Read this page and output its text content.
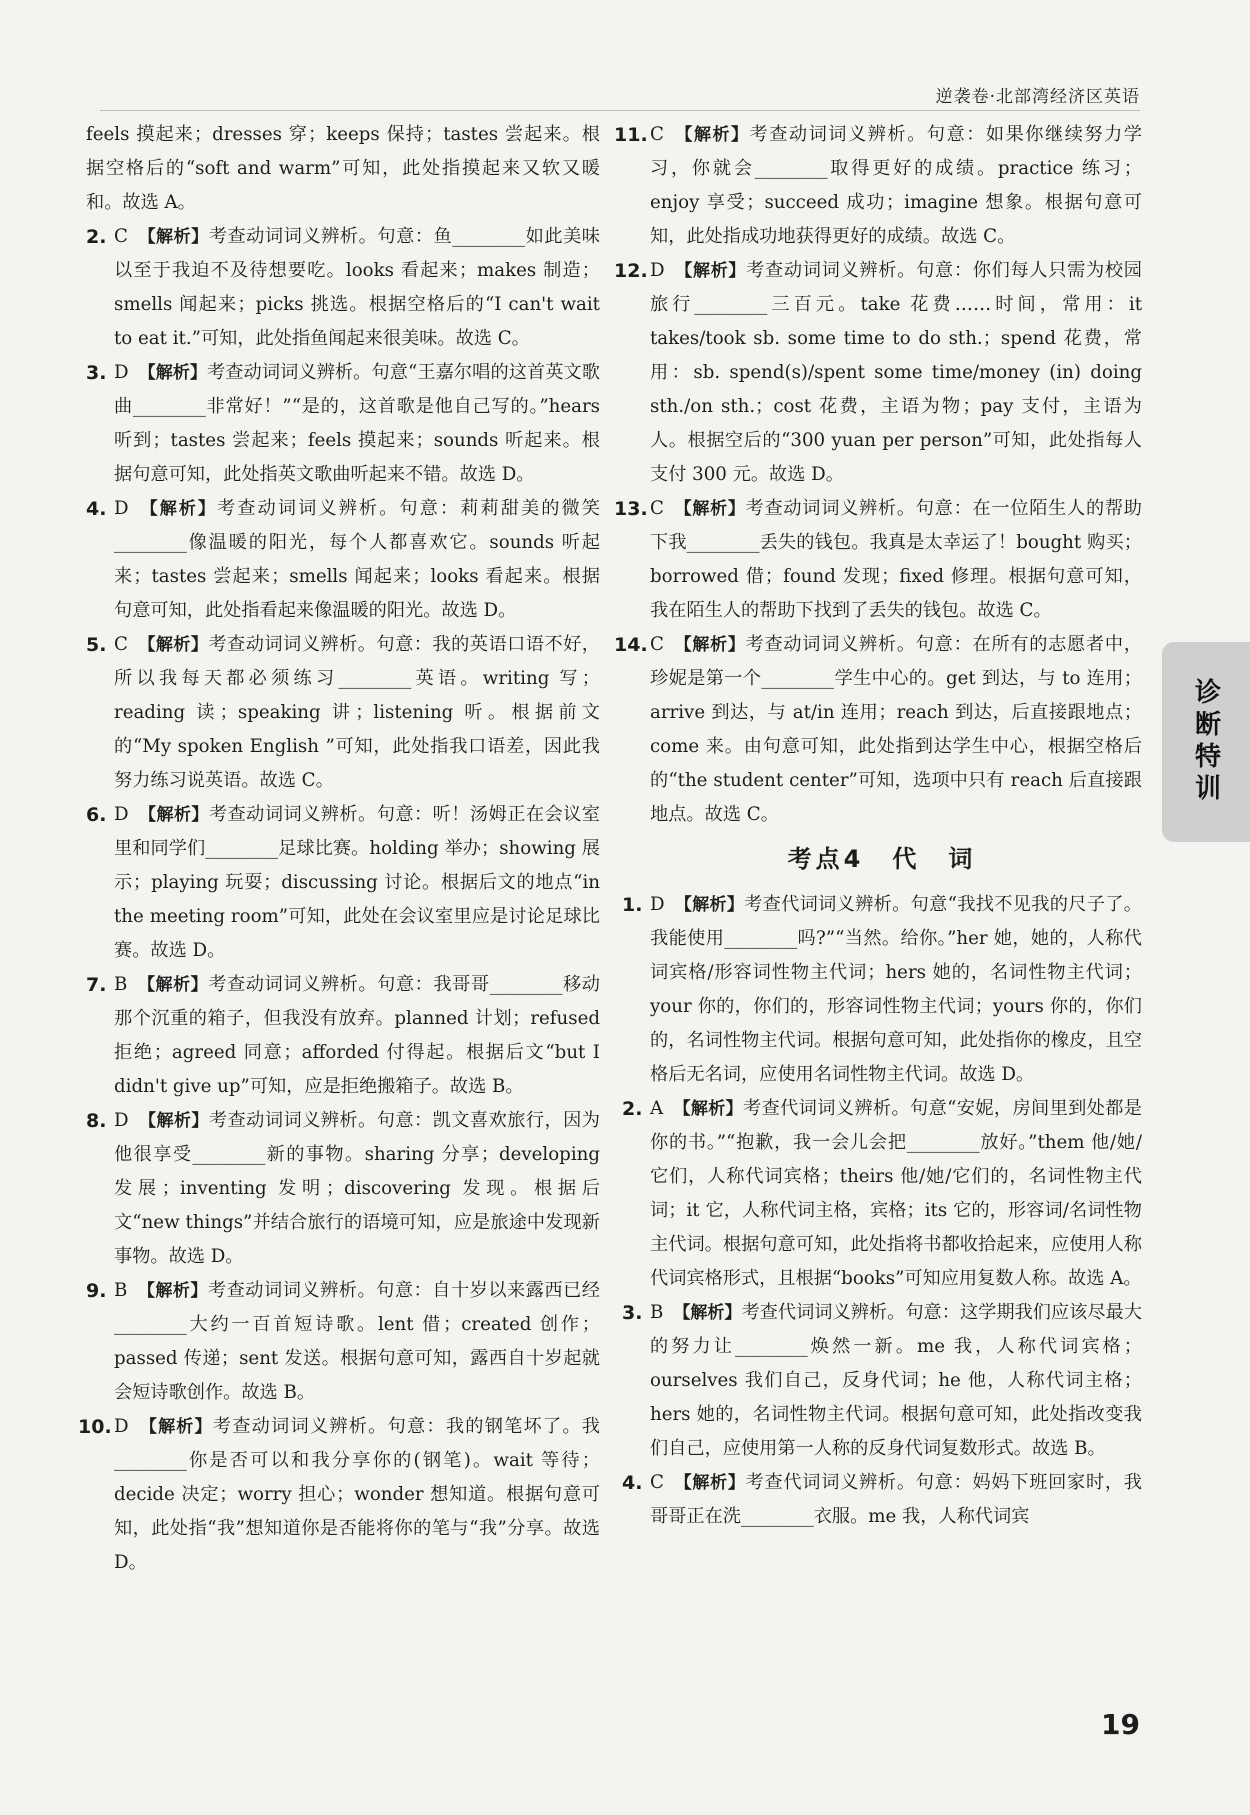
逆袭卷·北部湾经济区英语

feels 摸起来；dresses 穿；keeps 保持；tastes 尝起来。根据空格后的“soft and warm”可知，此处指摸起来又软又暖和。故选 A。

2. C 【解析】考查动词词义辨析。句意：鱼________如此美味以至于我迫不及待想要吃。looks 看起来；makes 制造；smells 闻起来；picks 挑选。根据空格后的“I can't wait to eat it.”可知，此处指鱼闻起来很美味。故选 C。

3. D 【解析】考查动词词义辨析。句意“王嘉尔唱的这首英文歌曲________非常好！”“是的，这首歌是他自己写的。”hears 听到；tastes 尝起来；feels 摸起来；sounds 听起来。根据句意可知，此处指英文歌曲听起来不错。故选 D。

4. D 【解析】考查动词词义辨析。句意：莉莉甜美的微笑________像温暖的阳光，每个人都喜欢它。sounds 听起来；tastes 尝起来；smells 闻起来；looks 看起来。根据句意可知，此处指看起来像温暖的阳光。故选 D。

5. C 【解析】考查动词词义辨析。句意：我的英语口语不好，所以我每天都必须练习________英语。writing 写；reading 读；speaking 讲；listening 听。根据前文的“My spoken English ”可知，此处指我口语差，因此我努力练习说英语。故选 C。

6. D 【解析】考查动词词义辨析。句意：听！汤姆正在会议室里和同学们________足球比赛。holding 举办；showing 展示；playing 玩耍；discussing 讨论。根据后文的地点“in the meeting room”可知，此处在会议室里应是讨论足球比赛。故选 D。

7. B 【解析】考查动词词义辨析。句意：我哥哥________移动那个沉重的箱子，但我没有放弃。planned 计划；refused 拒绝；agreed 同意；afforded 付得起。根据后文“but I didn't give up”可知，应是拒绝搬箱子。故选 B。

8. D 【解析】考查动词词义辨析。句意：凯文喜欢旅行，因为他很享受________新的事物。sharing 分享；developing 发展；inventing 发明；discovering 发现。根据后文“new things”并结合旅行的语境可知，应是旅途中发现新事物。故选 D。

9. B 【解析】考查动词词义辨析。句意：自十岁以来露西已经________大约一百首短诗歌。lent 借；created 创作；passed 传递；sent 发送。根据句意可知，露西自十岁起就会短诗歌创作。故选 B。

10. D 【解析】考查动词词义辨析。句意：我的钢笔坏了。我________你是否可以和我分享你的(钢笔)。wait 等待；decide 决定；worry 担心；wonder 想知道。根据句意可知，此处指“我”想知道你是否能将你的笔与“我”分享。故选 D。

11. C 【解析】考查动词词义辨析。句意：如果你继续努力学习，你就会________取得更好的成绩。practice 练习；enjoy 享受；succeed 成功；imagine 想象。根据句意可知，此处指成功地获得更好的成绩。故选 C。

12. D 【解析】考查动词词义辨析。句意：你们每人只需为校园旅行________三百元。take 花费……时间，常用：it takes/took sb. some time to do sth.；spend 花费，常用：sb. spend(s)/spent some time/money (in) doing sth./on sth.；cost 花费，主语为物；pay 支付，主语为人。根据空后的“300 yuan per person”可知，此处指每人支付 300 元。故选 D。

13. C 【解析】考查动词词义辨析。句意：在一位陌生人的帮助下我________丢失的钱包。我真是太幸运了！bought 购买；borrowed 借；found 发现；fixed 修理。根据句意可知，我在陌生人的帮助下找到了丢失的钱包。故选 C。

14. C 【解析】考查动词词义辨析。句意：在所有的志愿者中，珍妮是第一个________学生中心的。get 到达，与 to 连用；arrive 到达，与 at/in 连用；reach 到达，后直接跟地点；come 来。由句意可知，此处指到达学生中心，根据空格后的“the student center”可知，选项中只有 reach 后直接跟地点。故选 C。

考点4　代　词

1. D 【解析】考查代词词义辨析。句意“我找不见我的尺子了。我能使用________吗?”“当然。给你。”her 她，她的，人称代词宾格/形容词性物主代词；hers 她的，名词性物主代词；your 你的，你们的，形容词性物主代词；yours 你的，你们的，名词性物主代词。根据句意可知，此处指你的橡皮，且空格后无名词，应使用名词性物主代词。故选 D。

2. A 【解析】考查代词词义辨析。句意“安妮，房间里到处都是你的书。”“抱歉，我一会儿会把________放好。”them 他/她/它们，人称代词宾格；theirs 他/她/它们的，名词性物主代词；it 它，人称代词主格，宾格；its 它的，形容词/名词性物主代词。根据句意可知，此处指将书都收拾起来，应使用人称代词宾格形式，且根据“books”可知应用复数人称。故选 A。

3. B 【解析】考查代词词义辨析。句意：这学期我们应该尽最大的努力让________焕然一新。me 我，人称代词宾格；ourselves 我们自己，反身代词；he 他，人称代词主格；hers 她的，名词性物主代词。根据句意可知，此处指改变我们自己，应使用第一人称的反身代词复数形式。故选 B。

4. C 【解析】考查代词词义辨析。句意：妈妈下班回家时，我哥哥正在洗________衣服。me 我，人称代词宾

诊断特训
19
